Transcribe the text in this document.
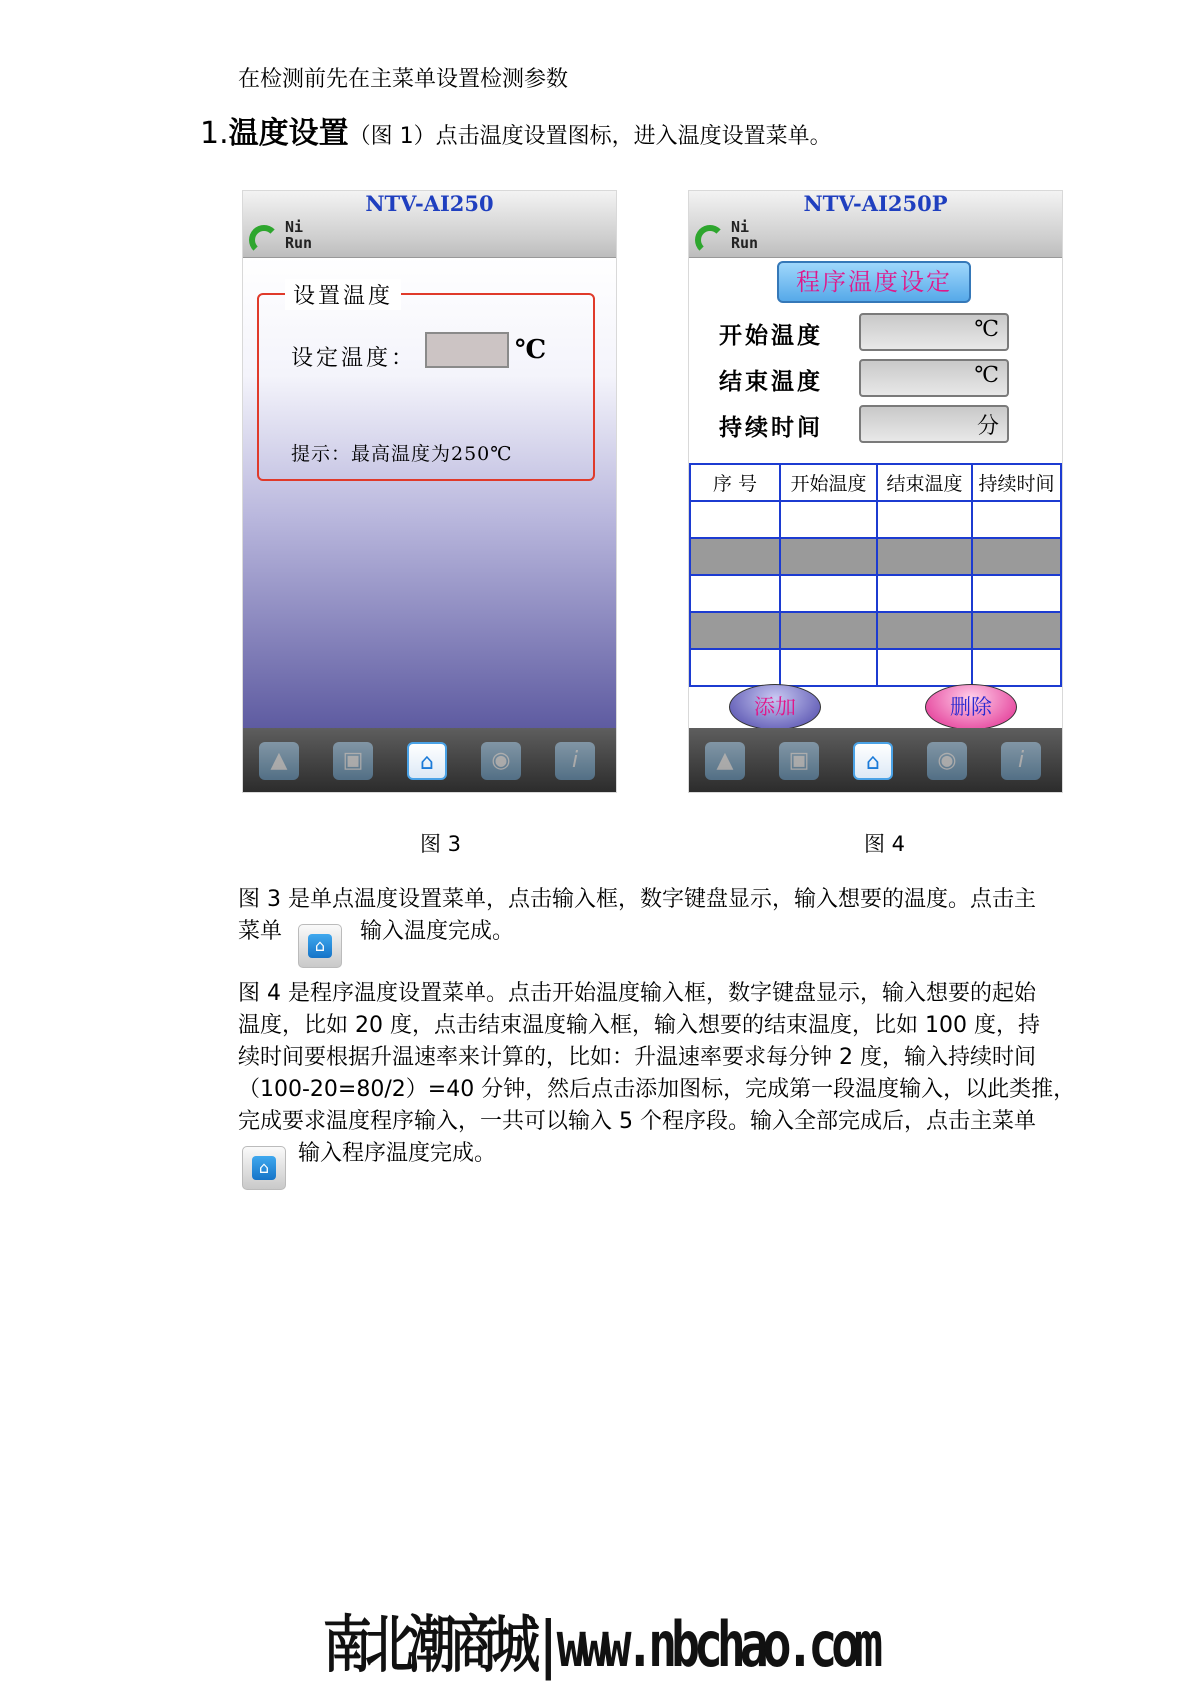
在检测前先在主菜单设置检测参数
1.温度设置（图 1）点击温度设置图标，进入温度设置菜单。
NTV-AI250
Ni
Run
设置温度
设定温度：	℃
提示：最高温度为250℃
▲	▣	⌂	◉	i
图 3
NTV-AI250P
Ni
Run
程序温度设定
开始温度	℃
结束温度	℃
持续时间	分
序 号	开始温度	结束温度	持续时间

添加	删除
▲	▣	⌂	◉	i
图 4
图 3 是单点温度设置菜单，点击输入框，数字键盘显示，输入想要的温度。点击主
菜单
⌂
输入温度完成。
图 4 是程序温度设置菜单。点击开始温度输入框，数字键盘显示，输入想要的起始
温度，比如 20 度，点击结束温度输入框，输入想要的结束温度，比如 100 度，持
续时间要根据升温速率来计算的，比如：升温速率要求每分钟 2 度，输入持续时间
（100-20=80/2）=40 分钟，然后点击添加图标，完成第一段温度输入，以此类推，
完成要求温度程序输入，一共可以输入 5 个程序段。输入全部完成后，点击主菜单
⌂
输入程序温度完成。
南北潮商城|www.nbchao.com
